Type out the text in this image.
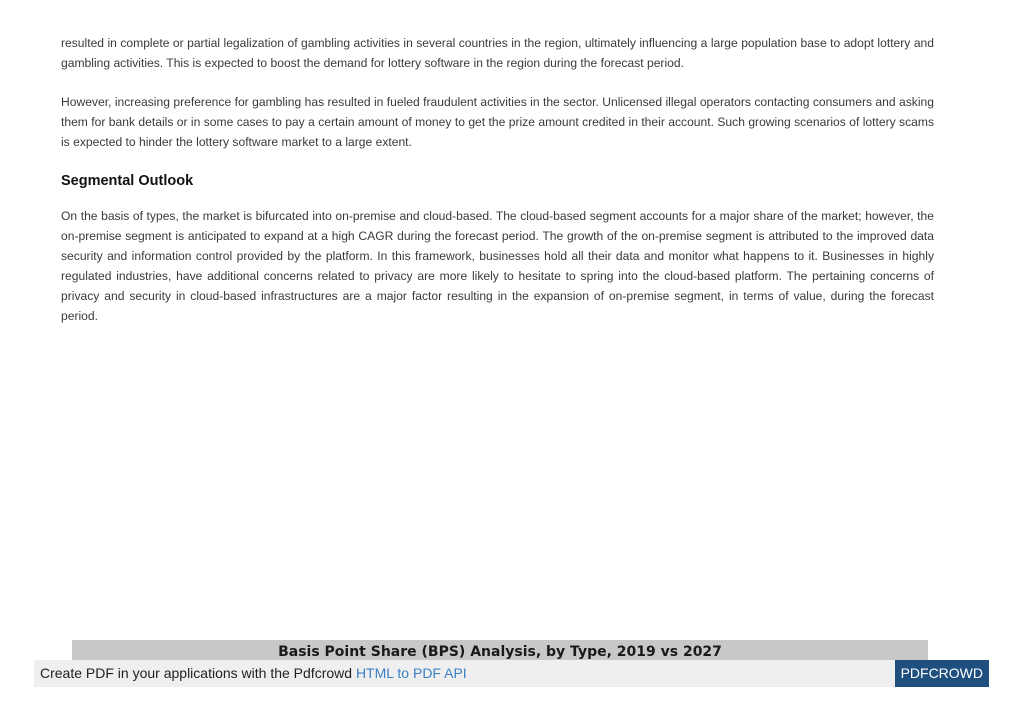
resulted in complete or partial legalization of gambling activities in several countries in the region, ultimately influencing a large population base to adopt lottery and gambling activities. This is expected to boost the demand for lottery software in the region during the forecast period.

However, increasing preference for gambling has resulted in fueled fraudulent activities in the sector. Unlicensed illegal operators contacting consumers and asking them for bank details or in some cases to pay a certain amount of money to get the prize amount credited in their account. Such growing scenarios of lottery scams is expected to hinder the lottery software market to a large extent.

Segmental Outlook

On the basis of types, the market is bifurcated into on-premise and cloud-based. The cloud-based segment accounts for a major share of the market; however, the on-premise segment is anticipated to expand at a high CAGR during the forecast period. The growth of the on-premise segment is attributed to the improved data security and information control provided by the platform. In this framework, businesses hold all their data and monitor what happens to it. Businesses in highly regulated industries, have additional concerns related to privacy are more likely to hesitate to spring into the cloud-based platform. The pertaining concerns of privacy and security in cloud-based infrastructures are a major factor resulting in the expansion of on-premise segment, in terms of value, during the forecast period.

Basis Point Share (BPS) Analysis, by Type, 2019 vs 2027
Create PDF in your applications with the Pdfcrowd HTML to PDF API	PDFCROWD
